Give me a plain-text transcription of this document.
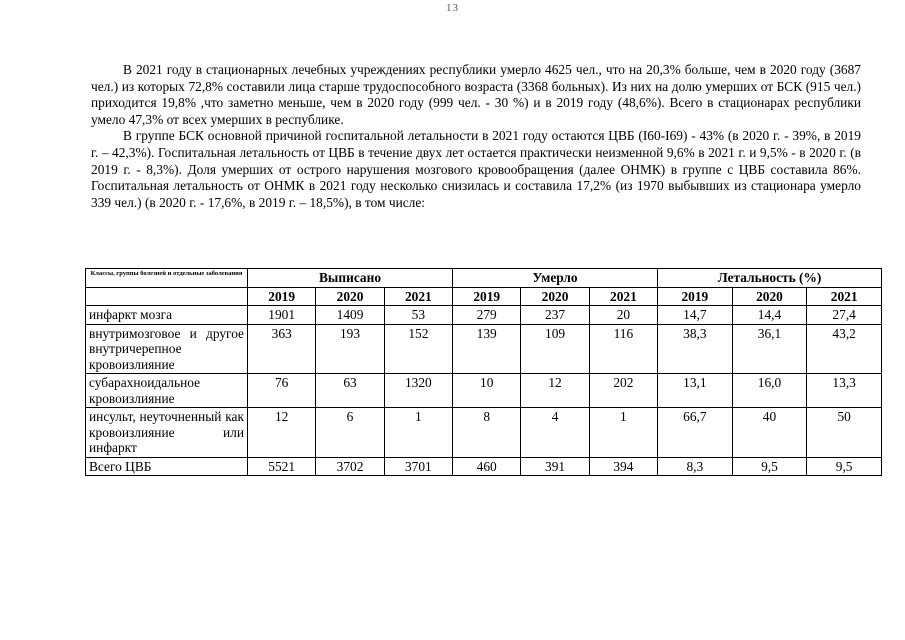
13

В 2021 году в стационарных лечебных учреждениях республики умерло 4625 чел., что на 20,3% больше, чем в 2020 году (3687 чел.) из которых 72,8% составили лица старше трудоспособного возраста (3368 больных). Из них на долю умерших от БСК (915 чел.) приходится 19,8% ,что заметно меньше, чем в 2020 году (999 чел. - 30 %) и в 2019 году (48,6%). Всего в стационарах республики умело 47,3% от всех умерших в республике.

В группе БСК основной причиной госпитальной летальности в 2021 году остаются ЦВБ (I60-I69) - 43% (в 2020 г. - 39%, в 2019 г. – 42,3%). Госпитальная летальность от ЦВБ в течение двух лет остается практически неизменной 9,6% в 2021 г. и 9,5% - в 2020 г. (в 2019 г. - 8,3%). Доля умерших от острого нарушения мозгового кровообращения (далее ОНМК) в группе с ЦВБ составила 86%. Госпитальная летальность от ОНМК в 2021 году несколько снизилась и составила 17,2% (из 1970 выбывших из стационара умерло 339 чел.) (в 2020 г. - 17,6%, в 2019 г. – 18,5%), в том числе:

Классы, группы болезней и отдельные заболевания	Выписано			Умерло			Летальность (%)		
	2019	2020	2021	2019	2020	2021	2019	2020	2021
инфаркт мозга	1901	1409	53	279	237	20	14,7	14,4	27,4
внутримозговое и другое внутричерепное кровоизлияние	363	193	152	139	109	116	38,3	36,1	43,2
субарахноидальное кровоизлияние	76	63	1320	10	12	202	13,1	16,0	13,3
инсульт, неуточненный как кровоизлияние или инфаркт	12	6	1	8	4	1	66,7	40	50
Всего ЦВБ	5521	3702	3701	460	391	394	8,3	9,5	9,5
